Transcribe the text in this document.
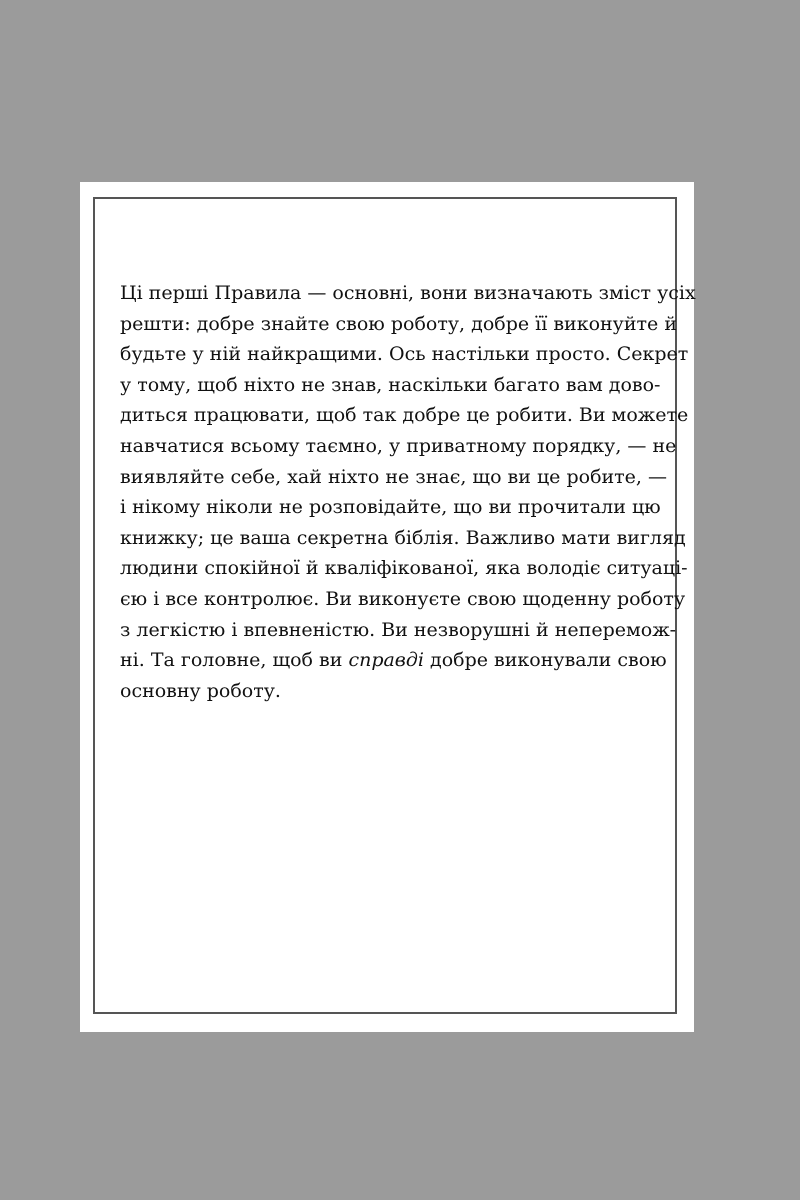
Ці перші Правила — основні, вони визначають зміст усіх
решти: добре знайте свою роботу, добре її виконуйте й
будьте у ній найкращими. Ось настільки просто. Секрет
у тому, щоб ніхто не знав, наскільки багато вам дово-
диться працювати, щоб так добре це робити. Ви можете
навчатися всьому таємно, у приватному порядку, — не
виявляйте себе, хай ніхто не знає, що ви це робите, —
і нікому ніколи не розповідайте, що ви прочитали цю
книжку; це ваша секретна біблія. Важливо мати вигляд
людини спокійної й кваліфікованої, яка володіє ситуаці-
єю і все контролює. Ви виконуєте свою щоденну роботу
з легкістю і впевненістю. Ви незворушні й неперемож-
ні. Та головне, щоб ви справді добре виконували свою
основну роботу.
